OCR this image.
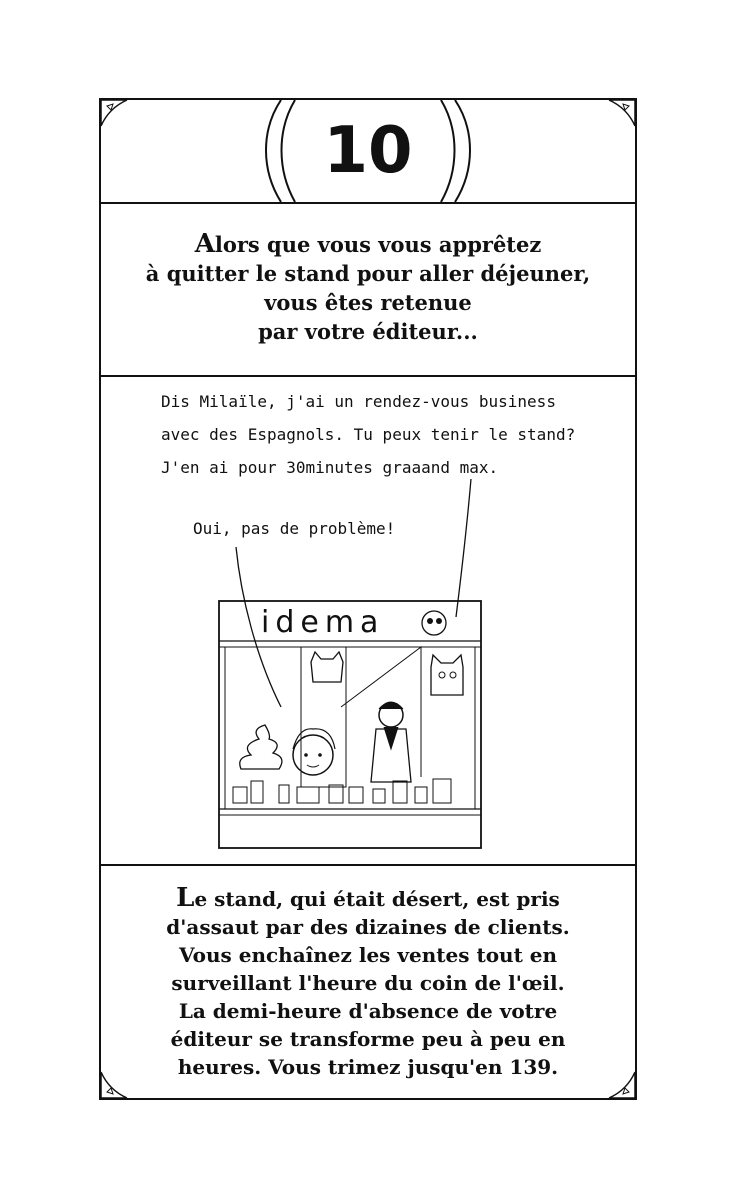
10
Alors que vous vous apprêtez
à quitter le stand pour aller déjeuner,
vous êtes retenue
par votre éditeur...
Dis Milaïle, j'ai un rendez-vous business
avec des Espagnols. Tu peux tenir le stand?
J'en ai pour 30minutes graaand max.
Oui, pas de problème!
idema
Le stand, qui était désert, est pris
d'assaut par des dizaines de clients.
Vous enchaînez les ventes tout en
surveillant l'heure du coin de l'œil.
La demi-heure d'absence de votre
éditeur se transforme peu à peu en
heures. Vous trimez jusqu'en 139.
